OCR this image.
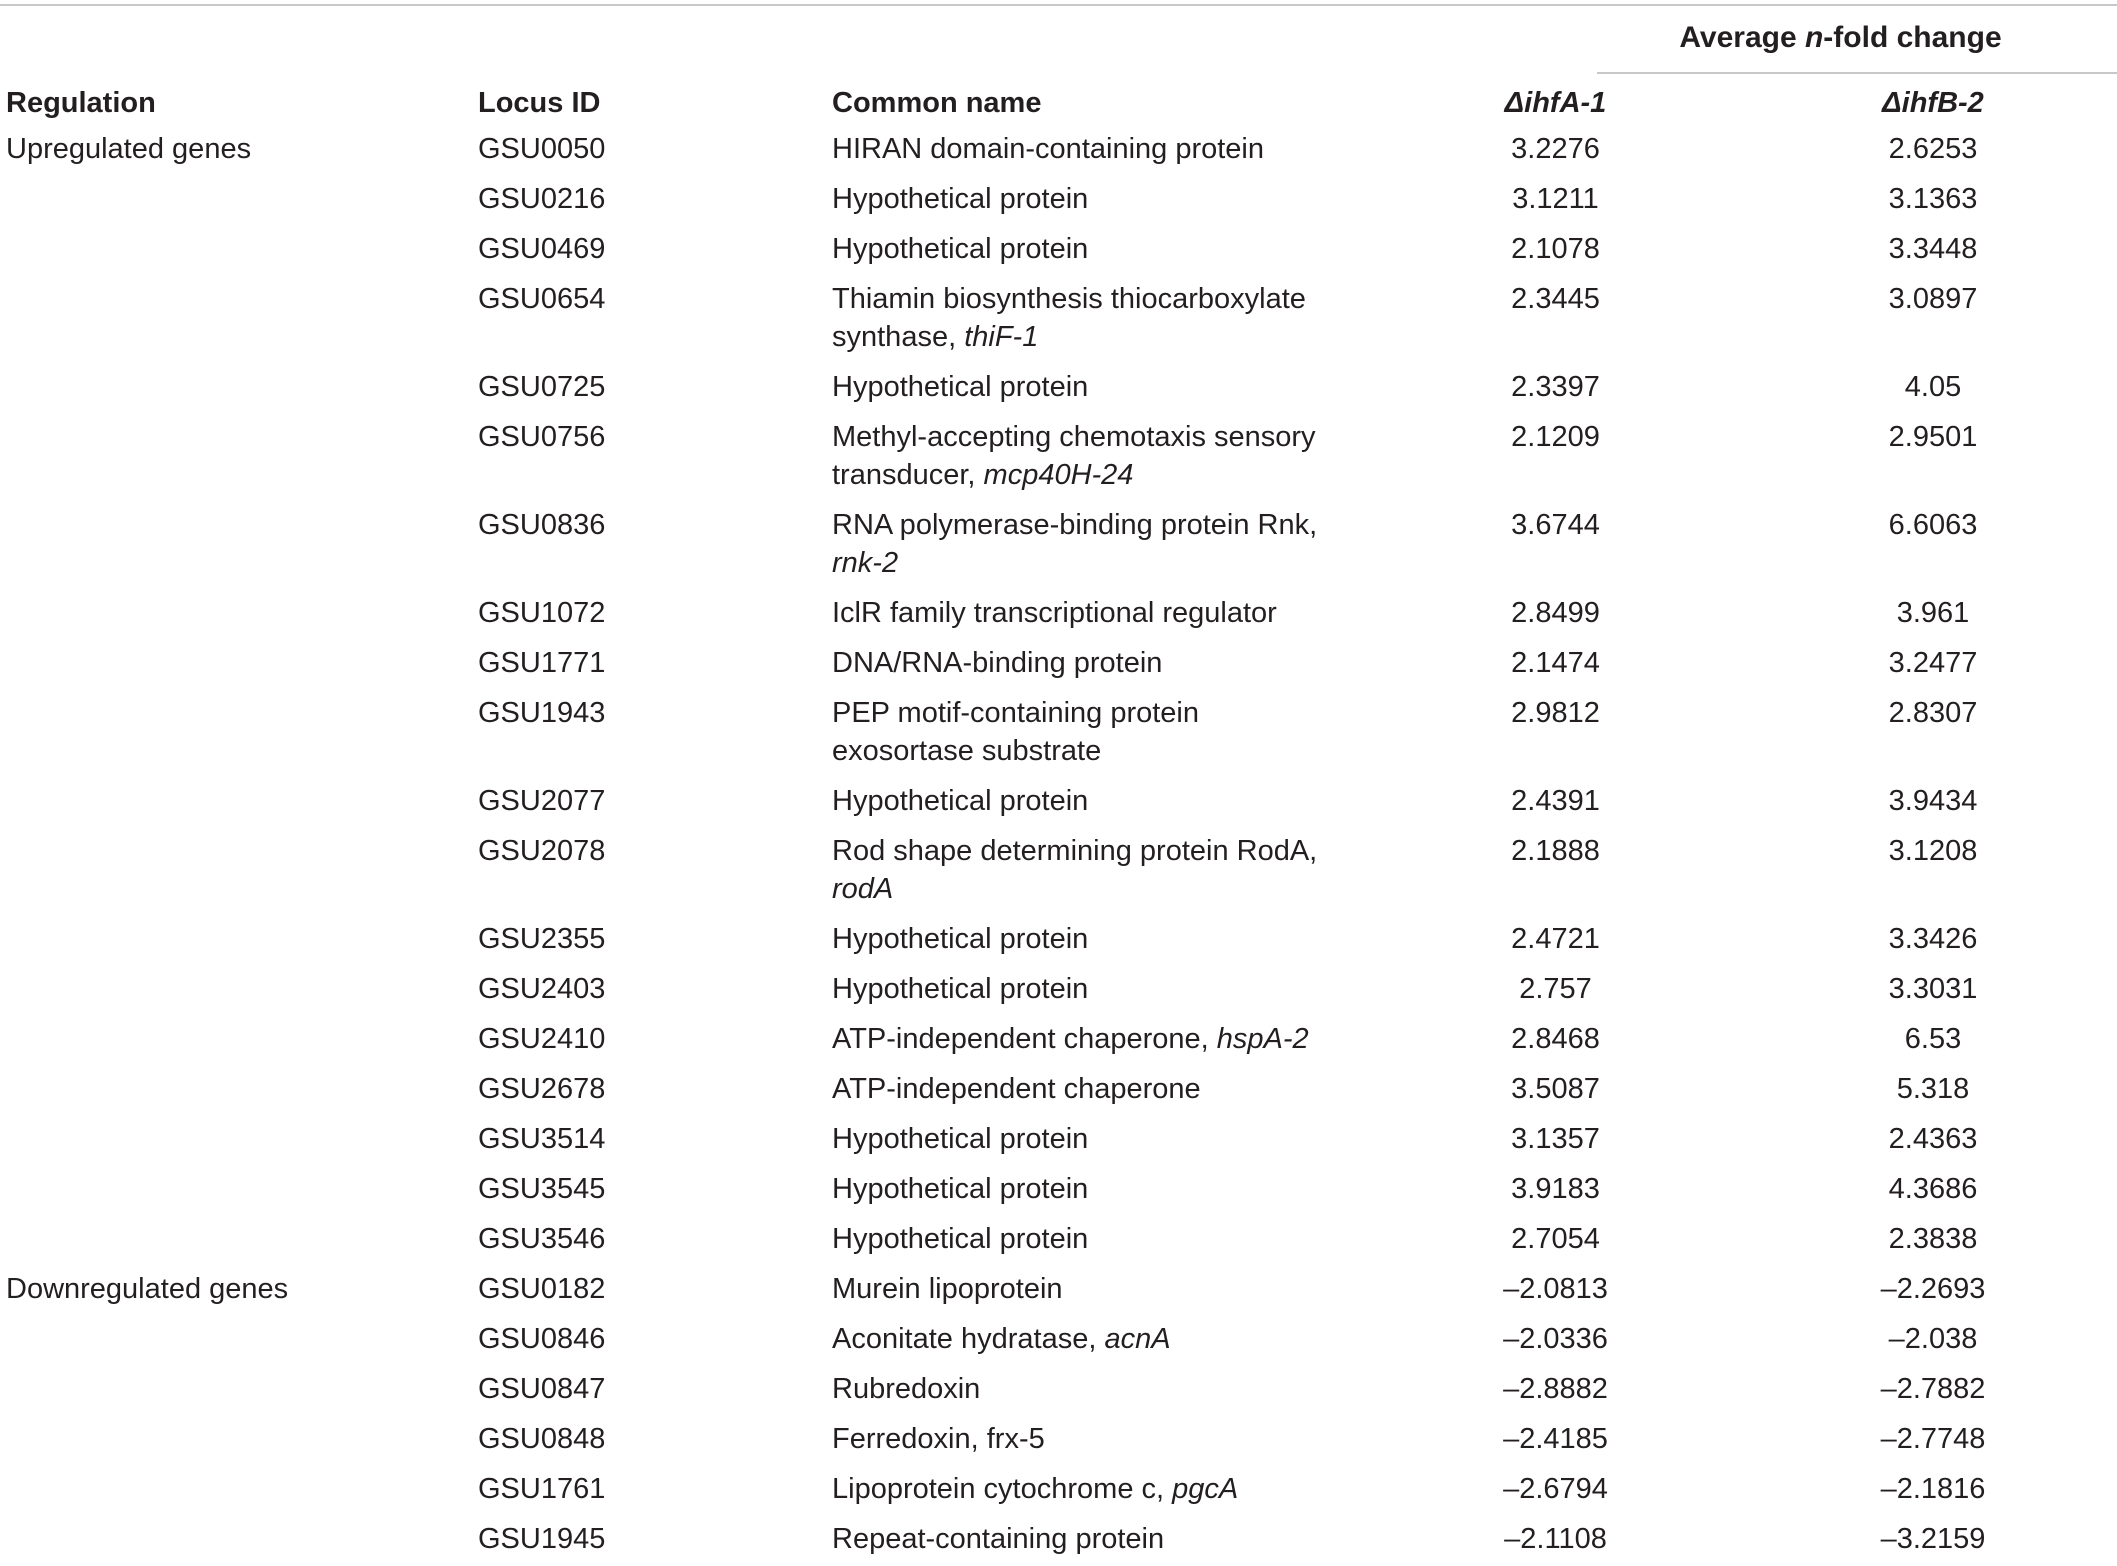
Average n-fold change
Regulation	Locus ID	Common name	ΔihfA-1	ΔihfB-2
Upregulated genes	GSU0050	HIRAN domain-containing protein	3.2276	2.6253
	GSU0216	Hypothetical protein	3.1211	3.1363
	GSU0469	Hypothetical protein	2.1078	3.3448
	GSU0654	Thiamin biosynthesis thiocarboxylate synthase, thiF-1	2.3445	3.0897
	GSU0725	Hypothetical protein	2.3397	4.05
	GSU0756	Methyl-accepting chemotaxis sensory transducer, mcp40H-24	2.1209	2.9501
	GSU0836	RNA polymerase-binding protein Rnk, rnk-2	3.6744	6.6063
	GSU1072	IclR family transcriptional regulator	2.8499	3.961
	GSU1771	DNA/RNA-binding protein	2.1474	3.2477
	GSU1943	PEP motif-containing protein exosortase substrate	2.9812	2.8307
	GSU2077	Hypothetical protein	2.4391	3.9434
	GSU2078	Rod shape determining protein RodA, rodA	2.1888	3.1208
	GSU2355	Hypothetical protein	2.4721	3.3426
	GSU2403	Hypothetical protein	2.757	3.3031
	GSU2410	ATP-independent chaperone, hspA-2	2.8468	6.53
	GSU2678	ATP-independent chaperone	3.5087	5.318
	GSU3514	Hypothetical protein	3.1357	2.4363
	GSU3545	Hypothetical protein	3.9183	4.3686
	GSU3546	Hypothetical protein	2.7054	2.3838
Downregulated genes	GSU0182	Murein lipoprotein	–2.0813	–2.2693
	GSU0846	Aconitate hydratase, acnA	–2.0336	–2.038
	GSU0847	Rubredoxin	–2.8882	–2.7882
	GSU0848	Ferredoxin, frx-5	–2.4185	–2.7748
	GSU1761	Lipoprotein cytochrome c, pgcA	–2.6794	–2.1816
	GSU1945	Repeat-containing protein	–2.1108	–3.2159
